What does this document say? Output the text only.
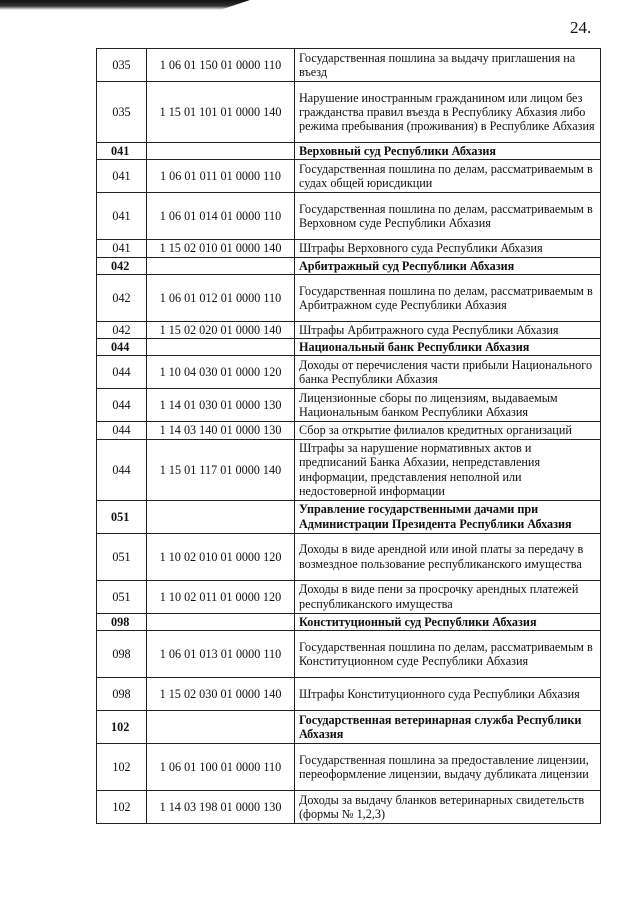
24.
035	1 06 01 150 01 0000 110	Государственная пошлина за выдачу приглашения на въезд
035	1 15 01 101 01 0000 140	Нарушение иностранным гражданином или лицом без гражданства правил въезда в Республику Абхазия либо режима пребывания (проживания) в Республике Абхазия
041		Верховный суд Республики Абхазия
041	1 06 01 011 01 0000 110	Государственная пошлина по делам, рассматриваемым в судах общей юрисдикции
041	1 06 01 014 01 0000 110	Государственная пошлина по делам, рассматриваемым в Верховном суде Республики Абхазия
041	1 15 02 010 01 0000 140	Штрафы Верховного суда Республики Абхазия
042		Арбитражный суд Республики Абхазия
042	1 06 01 012 01 0000 110	Государственная пошлина по делам, рассматриваемым в Арбитражном суде Республики Абхазия
042	1 15 02 020 01 0000 140	Штрафы Арбитражного суда Республики Абхазия
044		Национальный банк Республики Абхазия
044	1 10 04 030 01 0000 120	Доходы от перечисления части прибыли Национального банка Республики Абхазия
044	1 14 01 030 01 0000 130	Лицензионные сборы по лицензиям, выдаваемым Национальным банком Республики Абхазия
044	1 14 03 140 01 0000 130	Сбор за открытие филиалов кредитных организаций
044	1 15 01 117 01 0000 140	Штрафы за нарушение нормативных актов и предписаний Банка Абхазии, непредставления информации, представления неполной или недостоверной информации
051		Управление государственными дачами при Администрации Президента Республики Абхазия
051	1 10 02 010 01 0000 120	Доходы в виде арендной или иной платы за передачу в возмездное пользование республиканского имущества
051	1 10 02 011 01 0000 120	Доходы в виде пени за просрочку арендных платежей республиканского имущества
098		Конституционный суд Республики Абхазия
098	1 06 01 013 01 0000 110	Государственная пошлина по делам, рассматриваемым в Конституционном суде Республики Абхазия
098	1 15 02 030 01 0000 140	Штрафы Конституционного суда Республики Абхазия
102		Государственная ветеринарная служба Республики Абхазия
102	1 06 01 100 01 0000 110	Государственная пошлина за предоставление лицензии, переоформление лицензии, выдачу дубликата лицензии
102	1 14 03 198 01 0000 130	Доходы за выдачу бланков ветеринарных свидетельств (формы № 1,2,3)
